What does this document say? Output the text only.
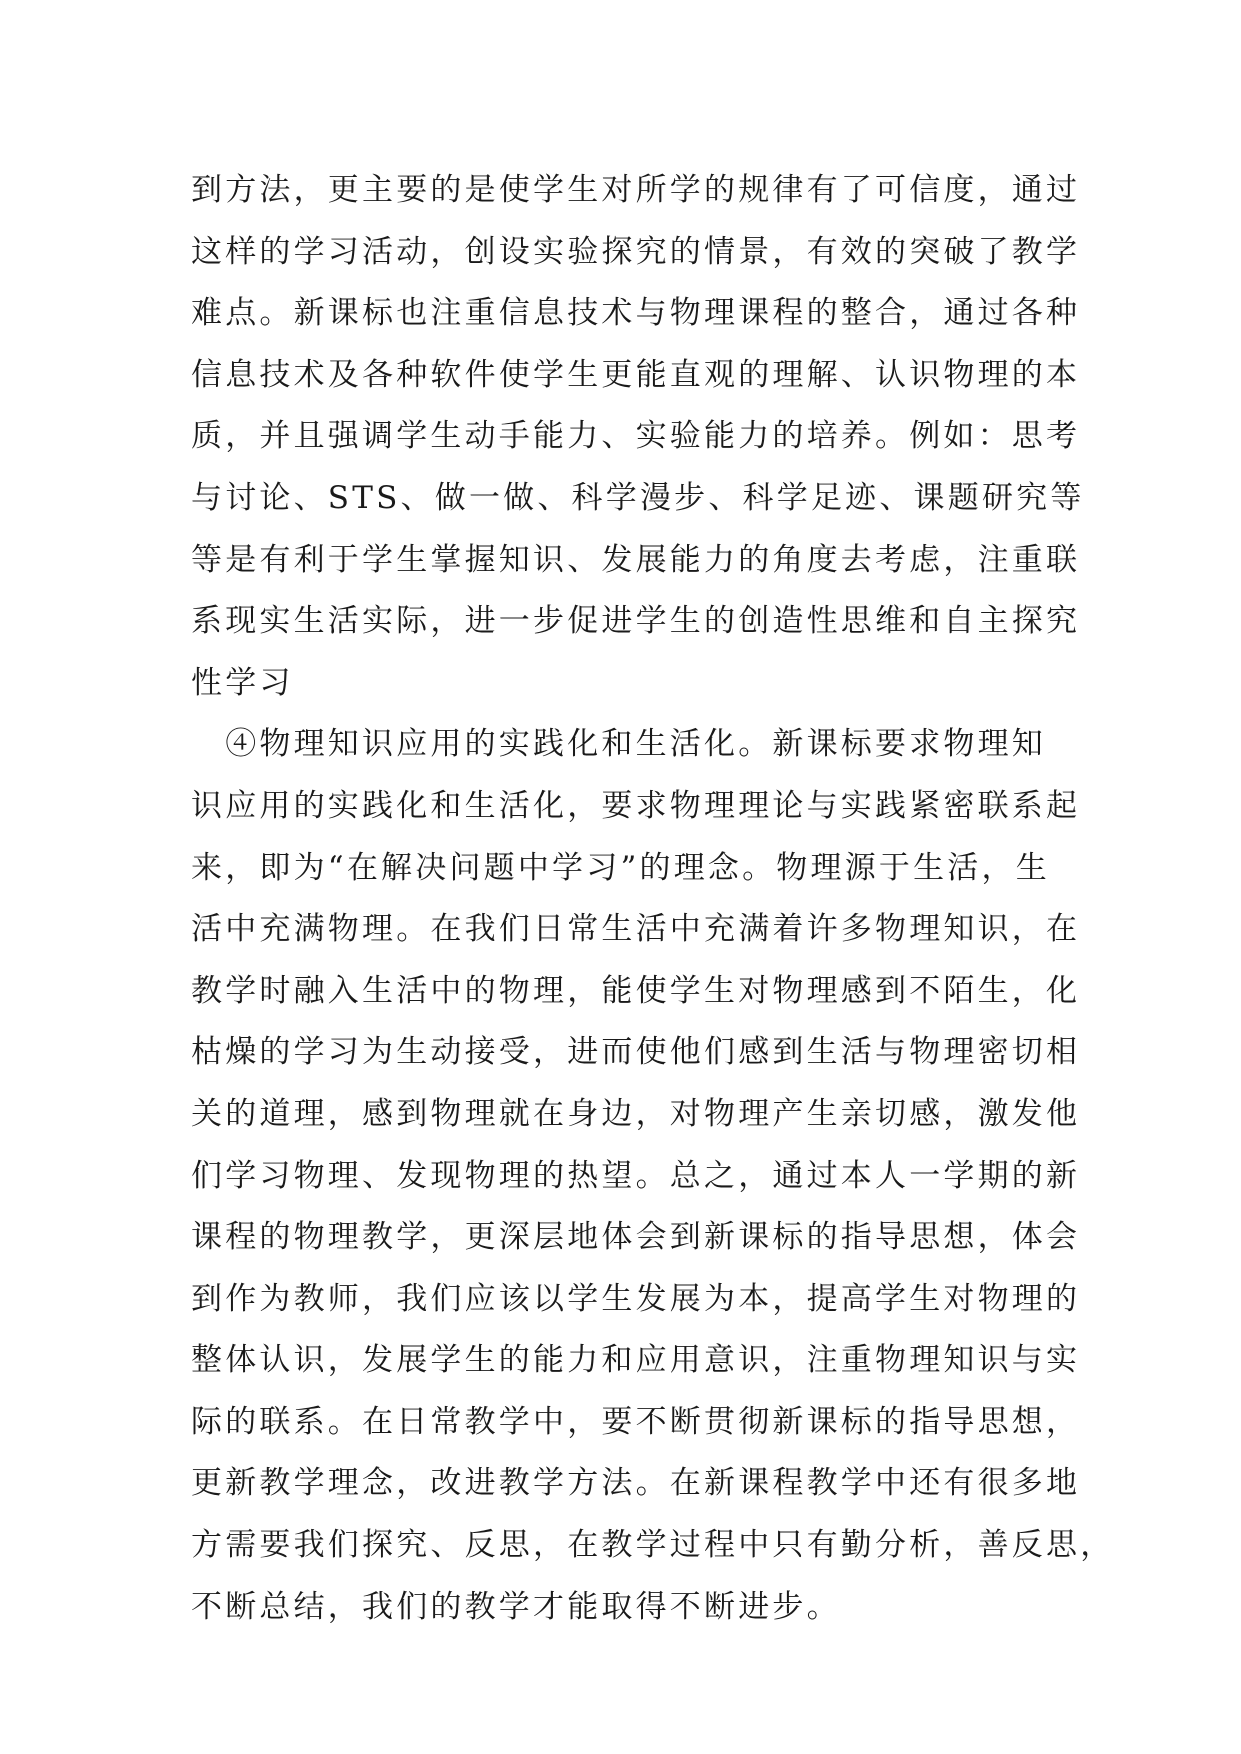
到方法，更主要的是使学生对所学的规律有了可信度，通过
这样的学习活动，创设实验探究的情景，有效的突破了教学
难点。新课标也注重信息技术与物理课程的整合，通过各种
信息技术及各种软件使学生更能直观的理解、认识物理的本
质，并且强调学生动手能力、实验能力的培养。例如：思考
与讨论、STS、做一做、科学漫步、科学足迹、课题研究等
等是有利于学生掌握知识、发展能力的角度去考虑，注重联
系现实生活实际，进一步促进学生的创造性思维和自主探究
性学习
　④物理知识应用的实践化和生活化。新课标要求物理知
识应用的实践化和生活化，要求物理理论与实践紧密联系起
来，即为“在解决问题中学习”的理念。物理源于生活，生
活中充满物理。在我们日常生活中充满着许多物理知识，在
教学时融入生活中的物理，能使学生对物理感到不陌生，化
枯燥的学习为生动接受，进而使他们感到生活与物理密切相
关的道理，感到物理就在身边，对物理产生亲切感，激发他
们学习物理、发现物理的热望。总之，通过本人一学期的新
课程的物理教学，更深层地体会到新课标的指导思想，体会
到作为教师，我们应该以学生发展为本，提高学生对物理的
整体认识，发展学生的能力和应用意识，注重物理知识与实
际的联系。在日常教学中，要不断贯彻新课标的指导思想，
更新教学理念，改进教学方法。在新课程教学中还有很多地
方需要我们探究、反思，在教学过程中只有勤分析，善反思，
不断总结，我们的教学才能取得不断进步。
